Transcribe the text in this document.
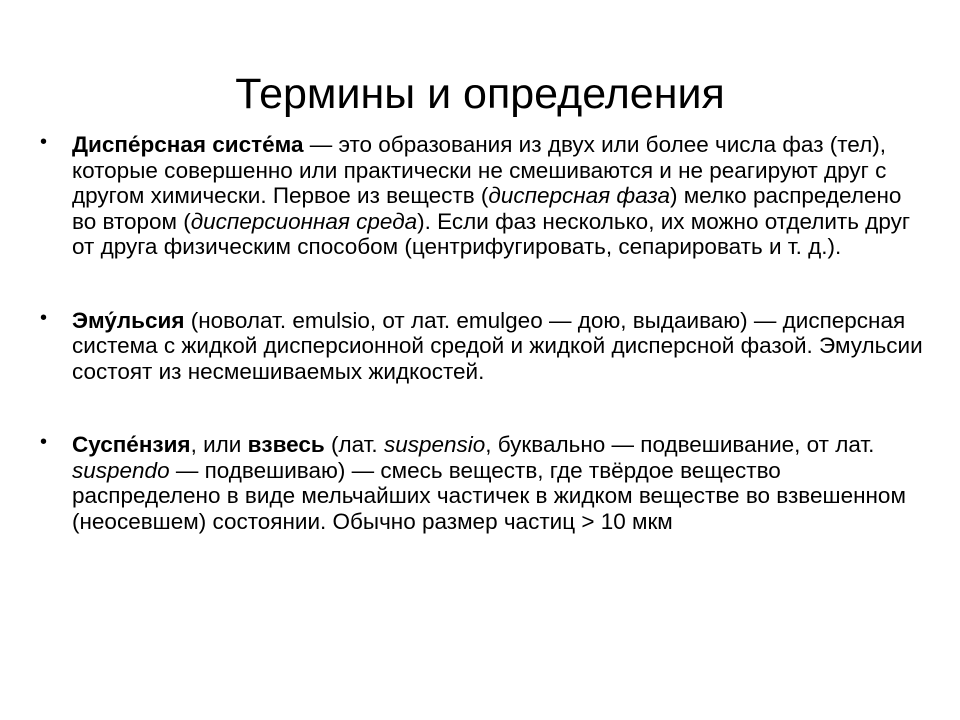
Термины и определения
• Диспе́рсная систе́ма — это образования из двух или более числа фаз (тел), которые совершенно или практически не смешиваются и не реагируют друг с другом химически. Первое из веществ (дисперсная фаза) мелко распределено во втором (дисперсионная среда). Если фаз несколько, их можно отделить друг от друга физическим способом (центрифугировать, сепарировать и т. д.).
• Эму́льсия (новолат. emulsio, от лат. emulgeo — дою, выдаиваю) — дисперсная система с жидкой дисперсионной средой и жидкой дисперсной фазой. Эмульсии состоят из несмешиваемых жидкостей.
• Суспе́нзия, или взвесь (лат. suspensio, буквально — подвешивание, от лат. suspendo — подвешиваю) — смесь веществ, где твёрдое вещество распределено в виде мельчайших частичек в жидком веществе во взвешенном (неосевшем) состоянии. Обычно размер частиц > 10 мкм
